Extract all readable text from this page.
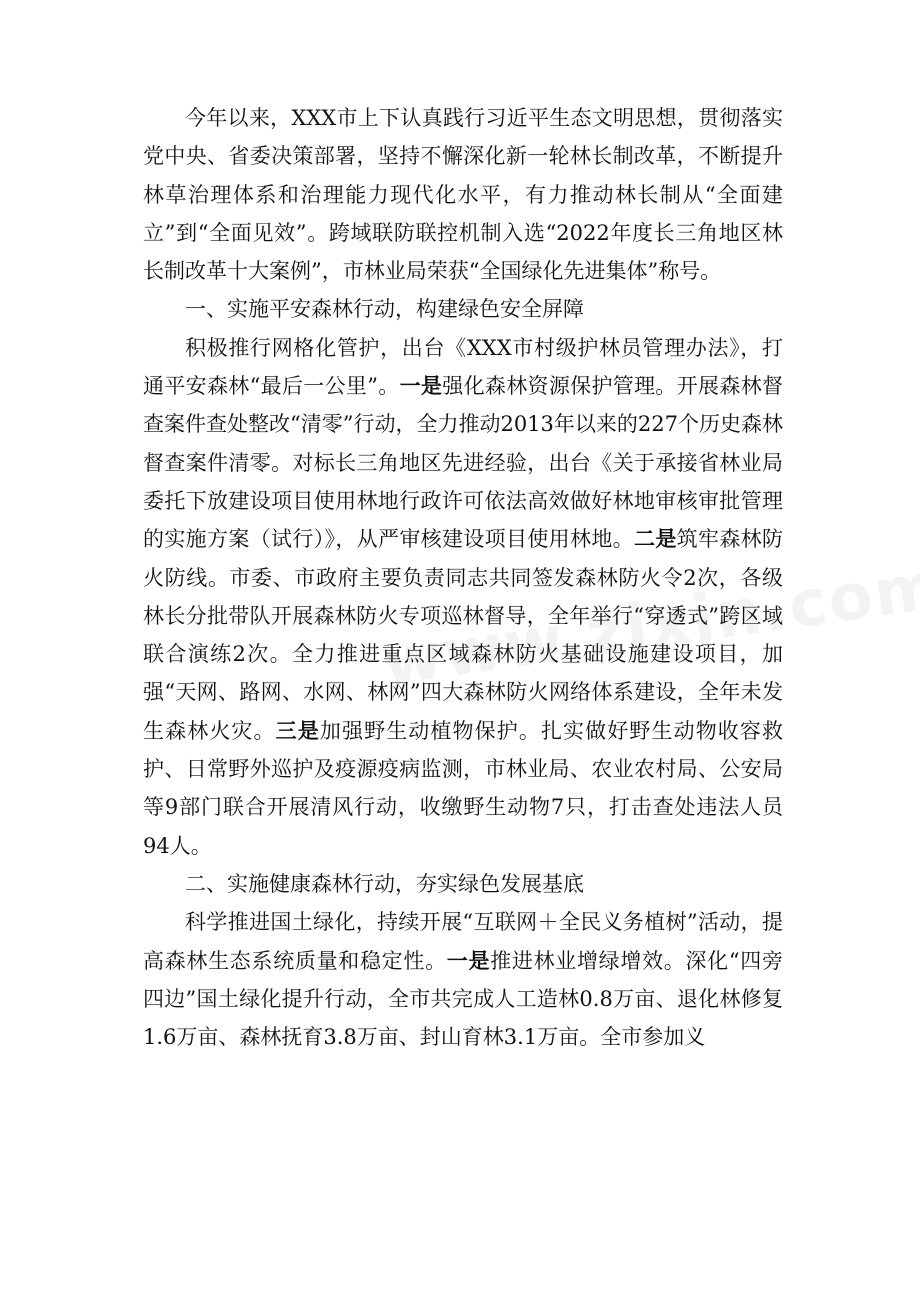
今年以来，XXX市上下认真践行习近平生态文明思想，贯彻落实党中央、省委决策部署，坚持不懈深化新一轮林长制改革，不断提升林草治理体系和治理能力现代化水平，有力推动林长制从“全面建立”到“全面见效”。跨域联防联控机制入选“2022年度长三角地区林长制改革十大案例”，市林业局荣获“全国绿化先进集体”称号。

一、实施平安森林行动，构建绿色安全屏障

积极推行网格化管护，出台《XXX市村级护林员管理办法》，打通平安森林“最后一公里”。一是强化森林资源保护管理。开展森林督查案件查处整改“清零”行动，全力推动2013年以来的227个历史森林督查案件清零。对标长三角地区先进经验，出台《关于承接省林业局委托下放建设项目使用林地行政许可依法高效做好林地审核审批管理的实施方案（试行）》，从严审核建设项目使用林地。二是筑牢森林防火防线。市委、市政府主要负责同志共同签发森林防火令2次，各级林长分批带队开展森林防火专项巡林督导，全年举行“穿透式”跨区域联合演练2次。全力推进重点区域森林防火基础设施建设项目，加强“天网、路网、水网、林网”四大森林防火网络体系建设，全年未发生森林火灾。三是加强野生动植物保护。扎实做好野生动物收容救护、日常野外巡护及疫源疫病监测，市林业局、农业农村局、公安局等9部门联合开展清风行动，收缴野生动物7只，打击查处违法人员94人。

二、实施健康森林行动，夯实绿色发展基底

科学推进国土绿化，持续开展“互联网＋全民义务植树”活动，提高森林生态系统质量和稳定性。一是推进林业增绿增效。深化“四旁四边”国土绿化提升行动，全市共完成人工造林0.8万亩、退化林修复1.6万亩、森林抚育3.8万亩、封山育林3.1万亩。全市参加义
